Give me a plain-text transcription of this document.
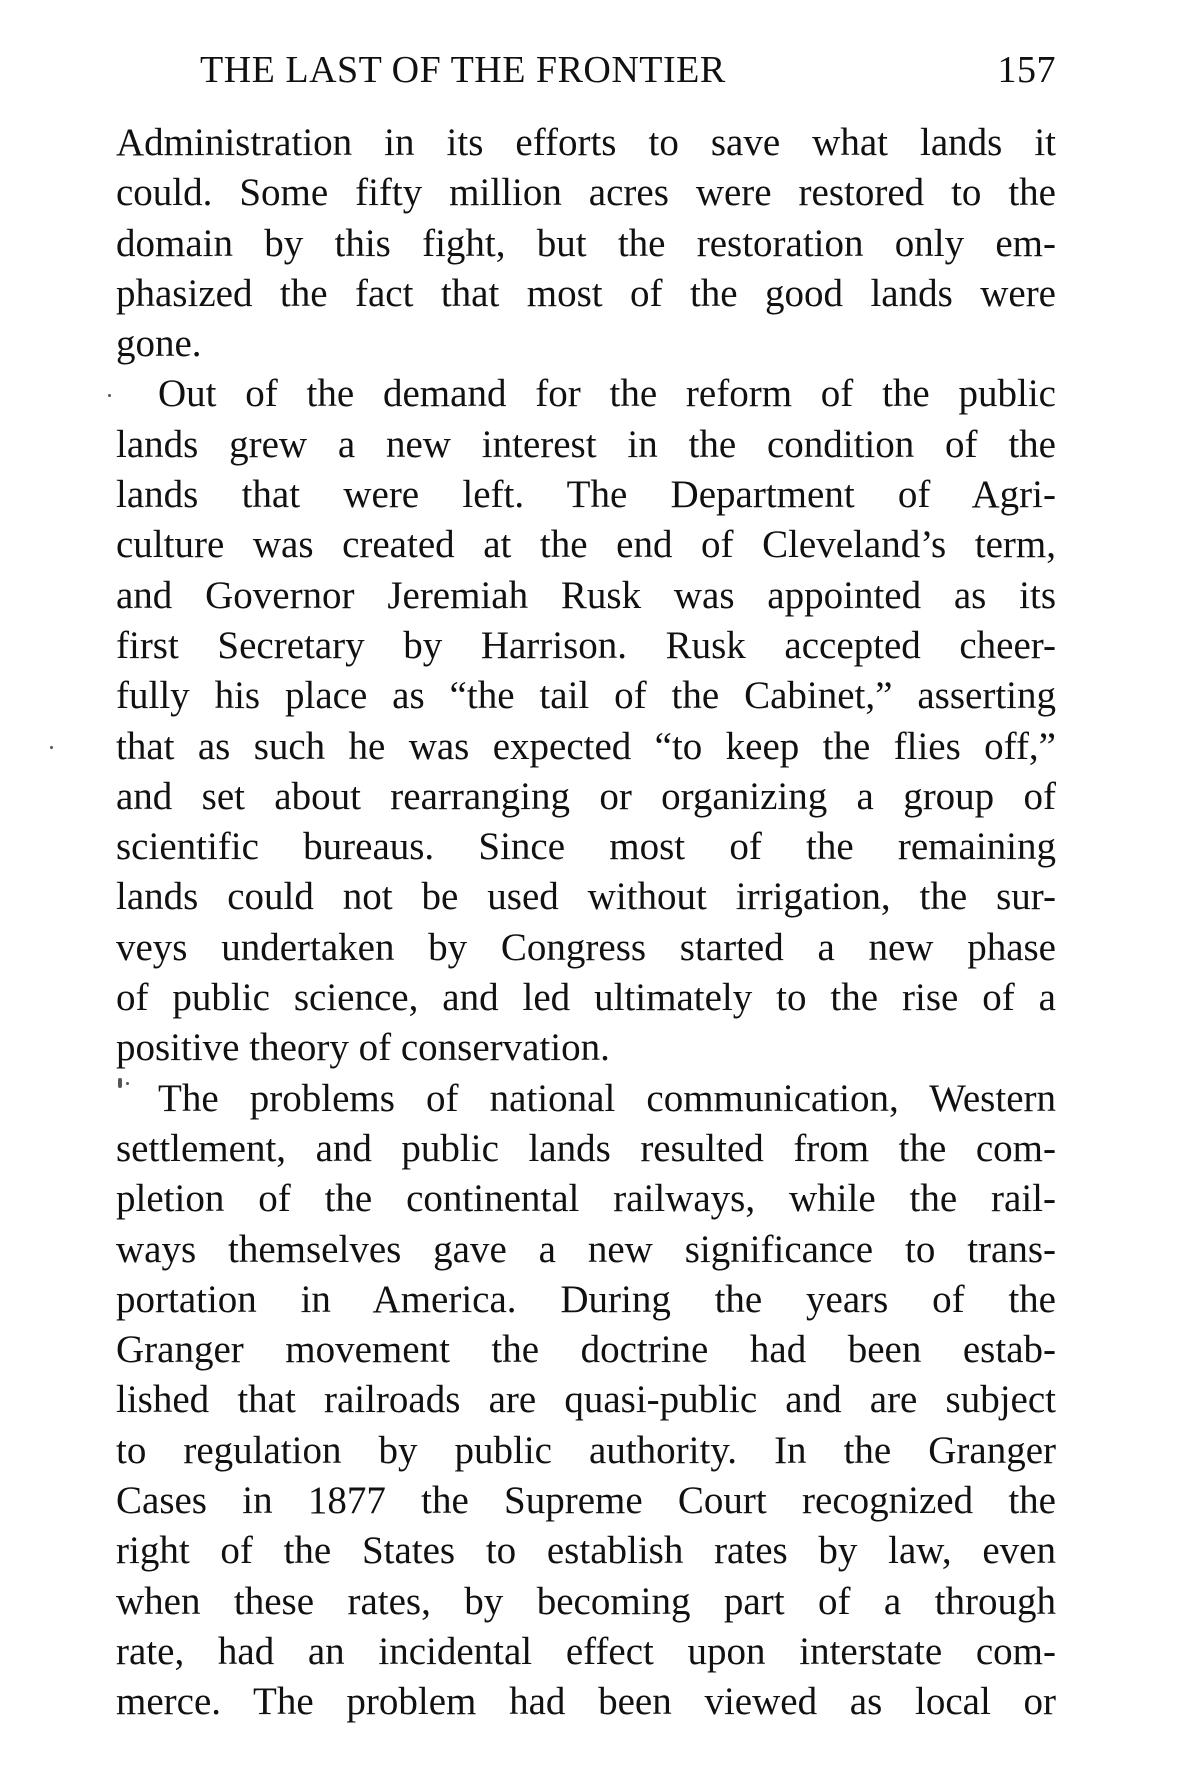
THE LAST OF THE FRONTIER	157
Administration in its efforts to save what lands it
could. Some fifty million acres were restored to the
domain by this fight, but the restoration only em-
phasized the fact that most of the good lands were
gone.
Out of the demand for the reform of the public
lands grew a new interest in the condition of the
lands that were left. The Department of Agri-
culture was created at the end of Cleveland’s term,
and Governor Jeremiah Rusk was appointed as its
first Secretary by Harrison. Rusk accepted cheer-
fully his place as “the tail of the Cabinet,” asserting
that as such he was expected “to keep the flies off,”
and set about rearranging or organizing a group of
scientific bureaus. Since most of the remaining
lands could not be used without irrigation, the sur-
veys undertaken by Congress started a new phase
of public science, and led ultimately to the rise of a
positive theory of conservation.
The problems of national communication, Western
settlement, and public lands resulted from the com-
pletion of the continental railways, while the rail-
ways themselves gave a new significance to trans-
portation in America. During the years of the
Granger movement the doctrine had been estab-
lished that railroads are quasi-public and are subject
to regulation by public authority. In the Granger
Cases in 1877 the Supreme Court recognized the
right of the States to establish rates by law, even
when these rates, by becoming part of a through
rate, had an incidental effect upon interstate com-
merce. The problem had been viewed as local or
